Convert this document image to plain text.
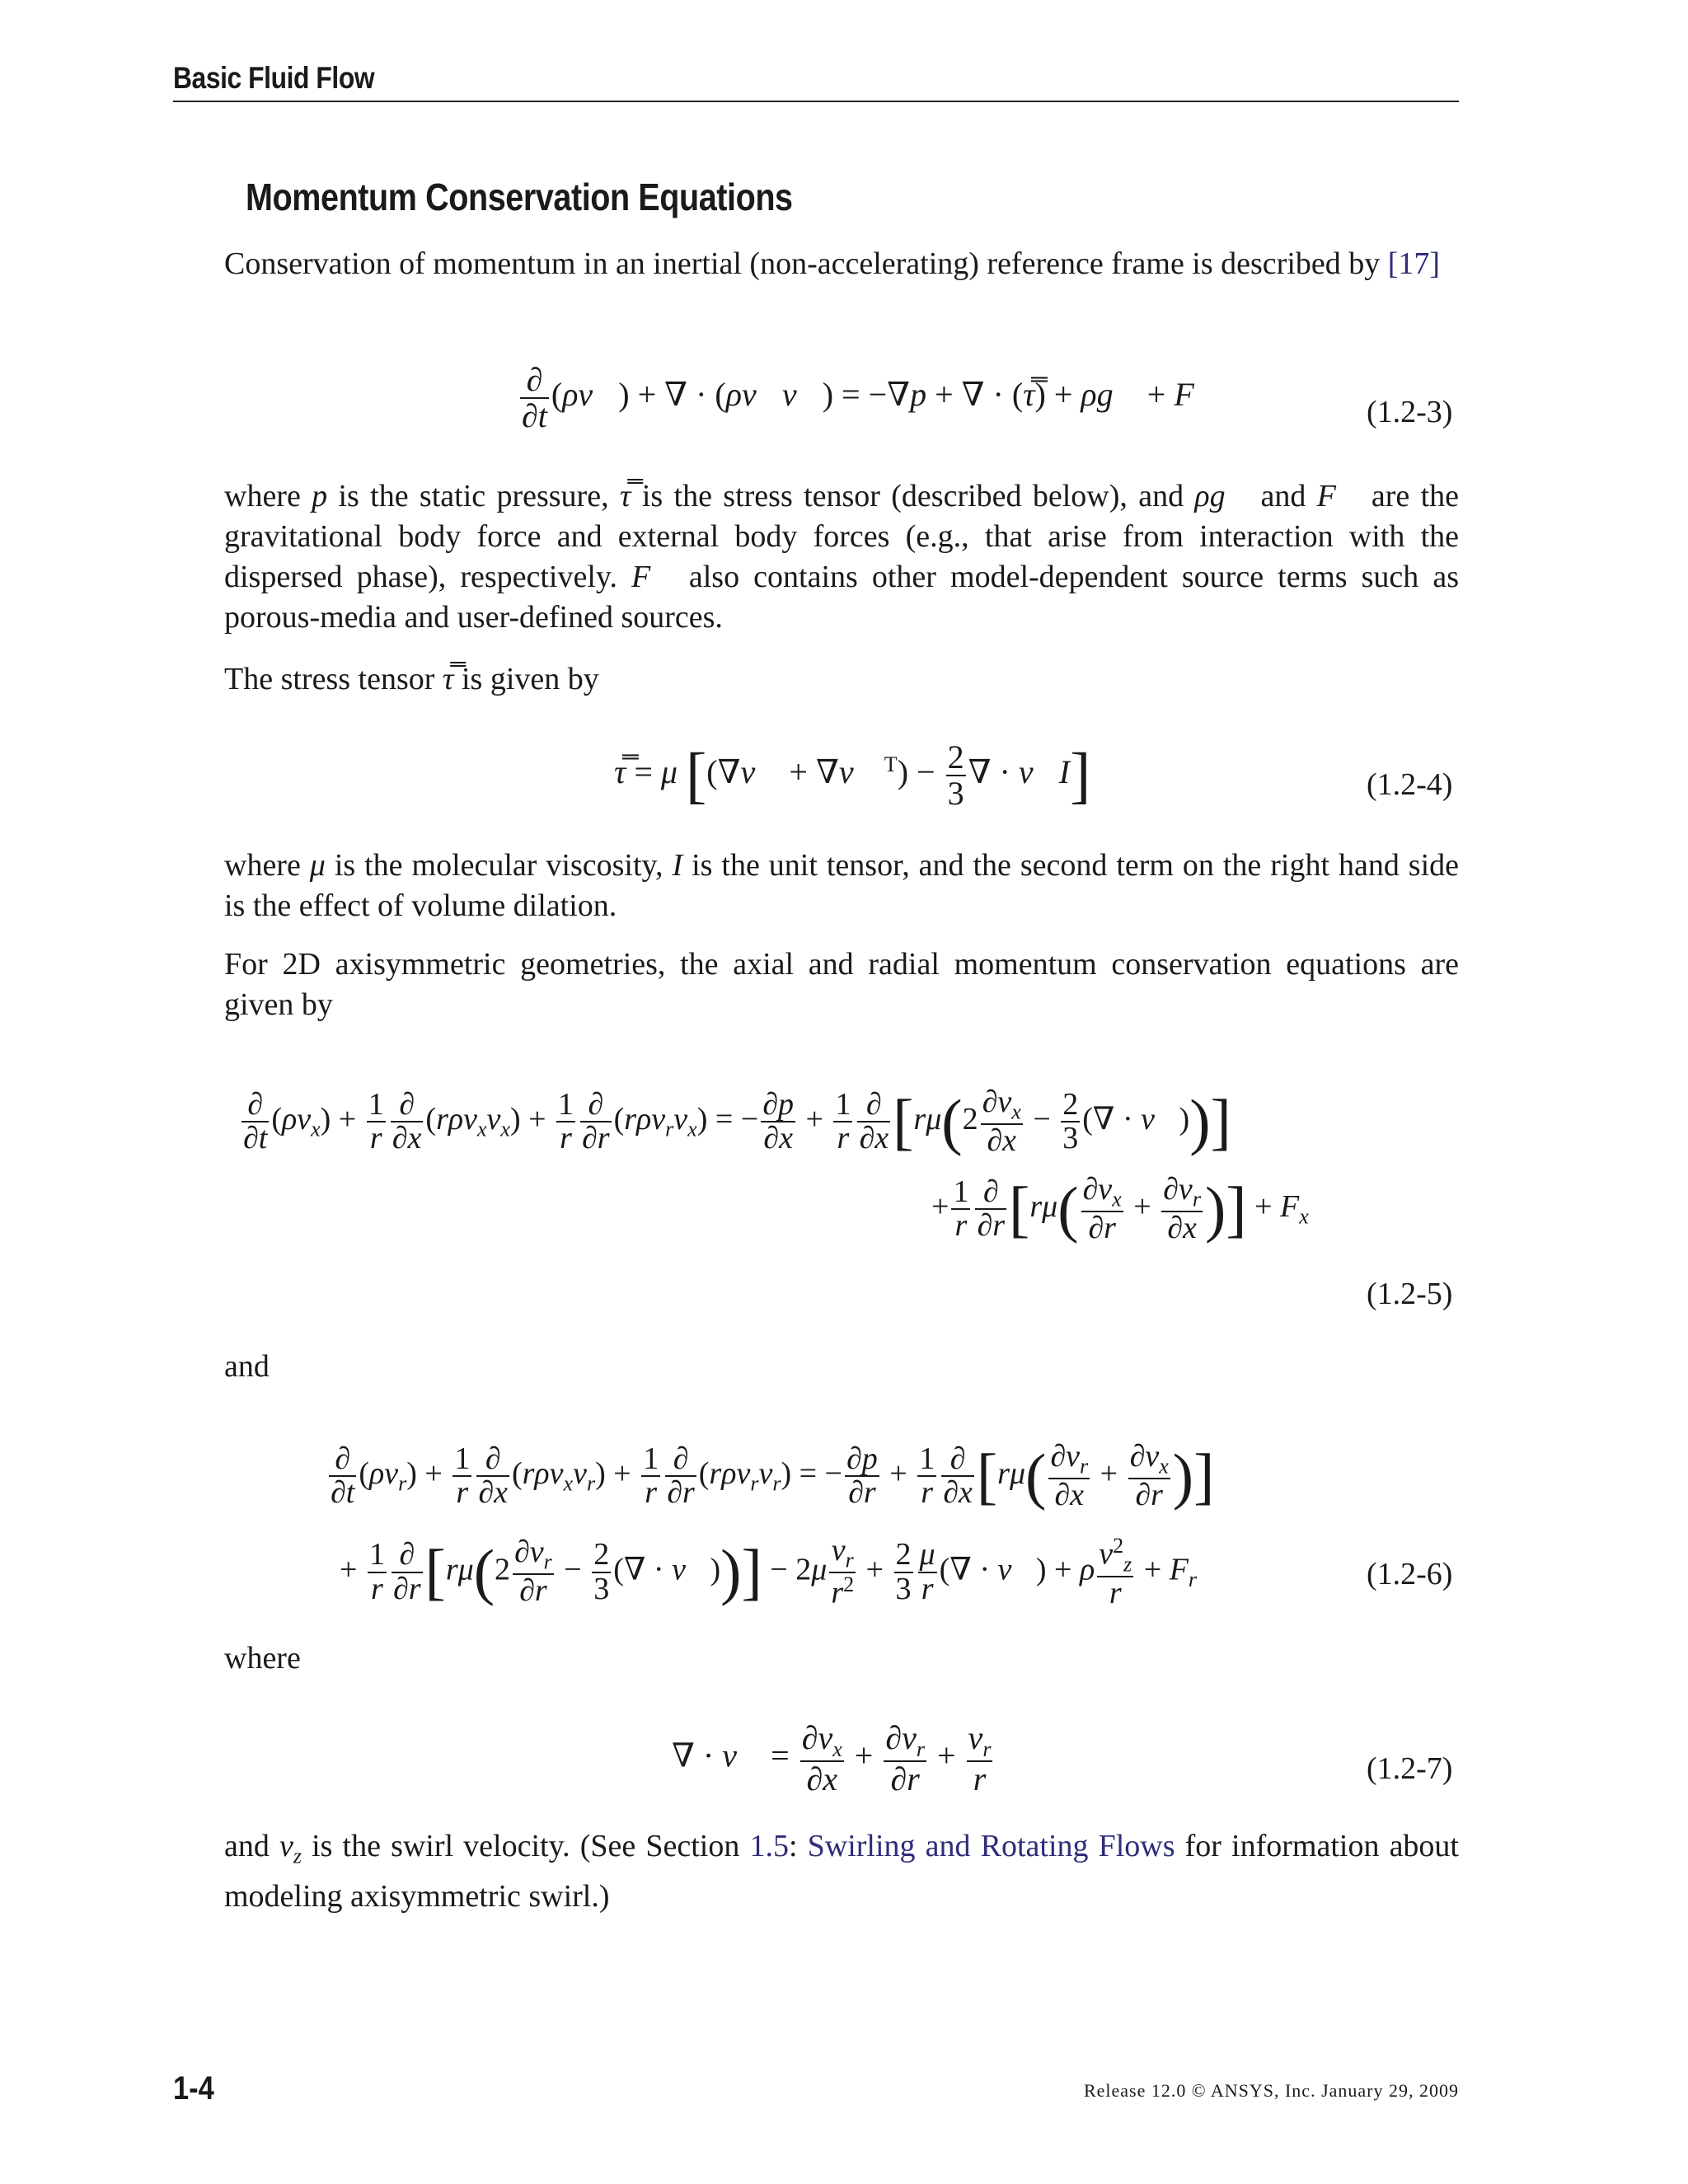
Basic Fluid Flow
Momentum Conservation Equations

Conservation of momentum in an inertial (non-accelerating) reference frame is described by [17]

$\frac{\partial}{\partial t}$ (ρv⃗) + ∇ · (ρv⃗v⃗) = −∇p + ∇ · (τ̿) + ρg⃗ + F⃗	(1.2-3)

where p is the static pressure, τ̿ is the stress tensor (described below), and ρg⃗ and F⃗ are the gravitational body force and external body forces (e.g., that arise from interaction with the dispersed phase), respectively. F⃗ also contains other model-dependent source terms such as porous-media and user-defined sources.

The stress tensor τ̿ is given by

τ̿ = μ [(∇v⃗ + ∇v⃗ $^T) - \frac{2}{3}$ ∇ · v⃗I]	(1.2-4)

where μ is the molecular viscosity, I is the unit tensor, and the second term on the right hand side is the effect of volume dilation.

For 2D axisymmetric geometries, the axial and radial momentum conservation equations are given by

$\frac{\partial}{\partial t} (\rho v_x) + \frac{1}{r} \frac{\partial}{\partial x} (r\rho v_xv_x) + \frac{1}{r} \frac{\partial}{\partial r} (r\rho v_rv_x)$ = − $\frac{\partial p}{\partial x} + \frac{1}{r} \frac{\partial}{\partial x} [r\mu(2 \frac{\partial v_x}{\partial x} - \frac{2}{3}$ (∇ · v⃗))]
+ $\frac{1}{r} \frac{\partial}{\partial r} [r\mu( \frac{\partial v_x}{\partial r} + \frac{\partial v_r}{\partial x}$ )] + $F_x$
(1.2-5)

and

$\frac{\partial}{\partial t} (\rho v_r) + \frac{1}{r} \frac{\partial}{\partial x} (r\rho v_xv_r) + \frac{1}{r} \frac{\partial}{\partial r} (r\rho v_rv_r)$ = − $\frac{\partial p}{\partial r} + \frac{1}{r} \frac{\partial}{\partial x} [r\mu( \frac{\partial v_r}{\partial x} + \frac{\partial v_x}{\partial r}$ )]
+ $\frac{1}{r} \frac{\partial}{\partial r} [r\mu(2 \frac{\partial v_r}{\partial r} - \frac{2}{3}$ (∇ · v⃗))] − $2\mu \frac{v_r}{r^2} + \frac{2}{3} \frac{\mu}{r}$ (∇ · v⃗) + ρ $\frac{v^2_z}{r} + F_r$	(1.2-6)

where

∇ · v⃗ = $\frac{\partial v_x}{\partial x} + \frac{\partial v_r}{\partial r} + \frac{v_r}{r}$	(1.2-7)

and $v_z$ is the swirl velocity. (See Section 1.5: Swirling and Rotating Flows for information about modeling axisymmetric swirl.)

1-4	Release 12.0 © ANSYS, Inc. January 29, 2009
